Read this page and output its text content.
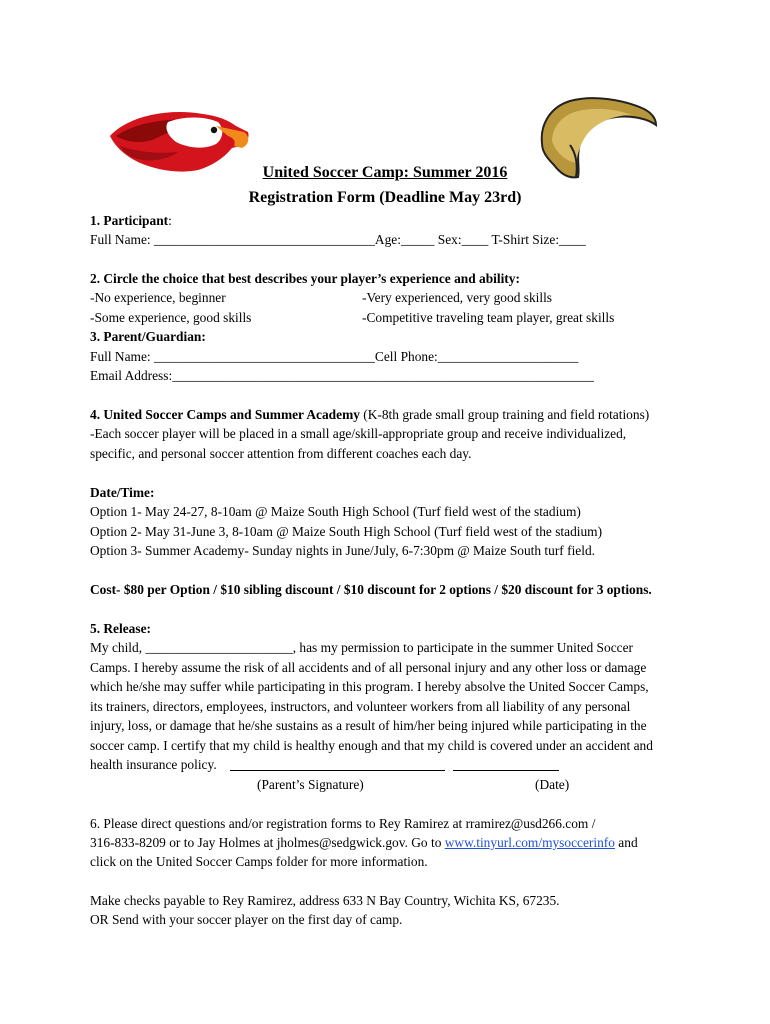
United Soccer Camp: Summer 2016
Registration Form (Deadline May 23rd)
1. Participant:
Full Name: _________________________________Age:_____ Sex:____ T-Shirt Size:____
2. Circle the choice that best describes your player’s experience and ability:
-No experience, beginner	-Very experienced, very good skills
-Some experience, good skills	-Competitive traveling team player, great skills
3. Parent/Guardian:
Full Name: _________________________________Cell Phone:_____________________
Email Address:_______________________________________________________________
4. United Soccer Camps and Summer Academy (K-8th grade small group training and field rotations)
-Each soccer player will be placed in a small age/skill-appropriate group and receive individualized,
specific, and personal soccer attention from different coaches each day.
Date/Time:
Option 1- May 24-27, 8-10am @ Maize South High School (Turf field west of the stadium)
Option 2- May 31-June 3, 8-10am @ Maize South High School (Turf field west of the stadium)
Option 3- Summer Academy- Sunday nights in June/July, 6-7:30pm @ Maize South turf field.
Cost- $80 per Option / $10 sibling discount / $10 discount for 2 options / $20 discount for 3 options.
5. Release:
My child, ______________________, has my permission to participate in the summer United Soccer
Camps. I hereby assume the risk of all accidents and of all personal injury and any other loss or damage
which he/she may suffer while participating in this program. I hereby absolve the United Soccer Camps,
its trainers, directors, employees, instructors, and volunteer workers from all liability of any personal
injury, loss, or damage that he/she sustains as a result of him/her being injured while participating in the
soccer camp. I certify that my child is healthy enough and that my child is covered under an accident and
health insurance policy.
(Parent’s Signature)	(Date)
6. Please direct questions and/or registration forms to Rey Ramirez at rramirez@usd266.com /
316-833-8209 or to Jay Holmes at jholmes@sedgwick.gov. Go to www.tinyurl.com/mysoccerinfo and
click on the United Soccer Camps folder for more information.
Make checks payable to Rey Ramirez, address 633 N Bay Country, Wichita KS, 67235.
OR Send with your soccer player on the first day of camp.
